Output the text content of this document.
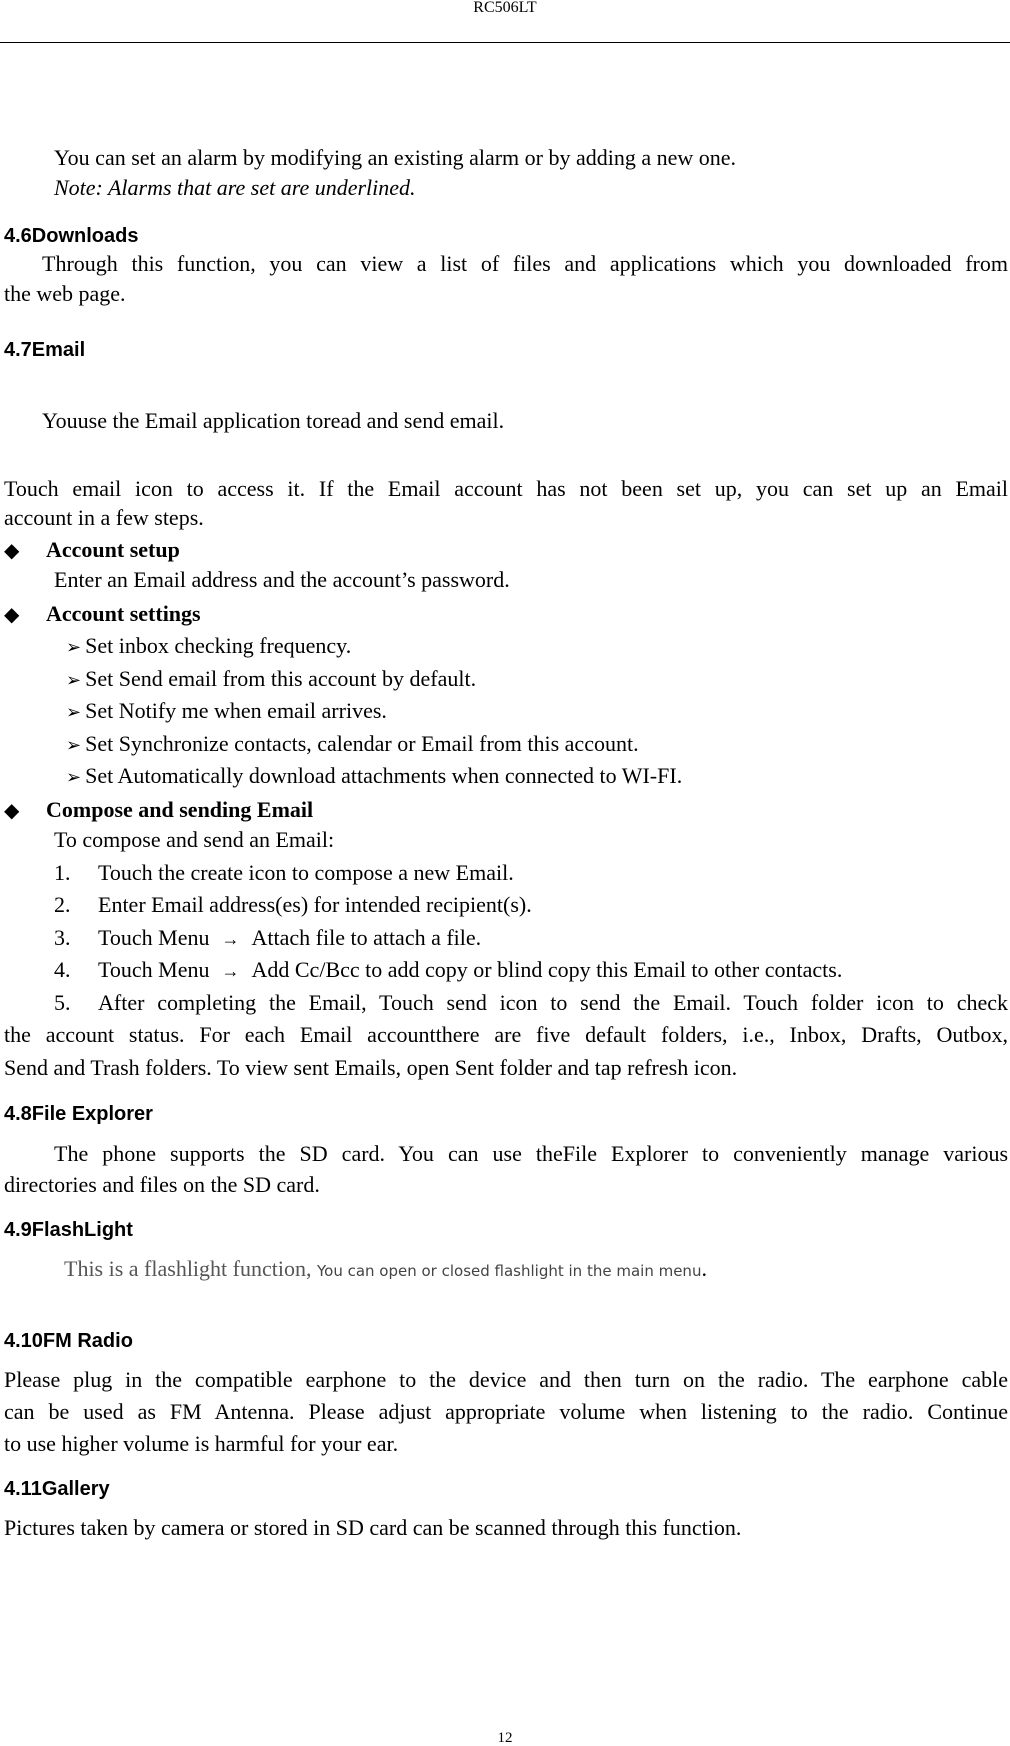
RC506LT
You can set an alarm by modifying an existing alarm or by adding a new one.
Note: Alarms that are set are underlined.
4.6Downloads
Through this function, you can view a list of files and applications which you downloaded from
the web page.
4.7Email
Youuse the Email application toread and send email.
Touch email icon to access it. If the Email account has not been set up, you can set up an Email
account in a few steps.
◆ Account setup
Enter an Email address and the account’s password.
◆ Account settings
➢ Set inbox checking frequency.
➢ Set Send email from this account by default.
➢ Set Notify me when email arrives.
➢ Set Synchronize contacts, calendar or Email from this account.
➢ Set Automatically download attachments when connected to WI-FI.
◆ Compose and sending Email
To compose and send an Email:
1. Touch the create icon to compose a new Email.
2. Enter Email address(es) for intended recipient(s).
3. Touch Menu → Attach file to attach a file.
4. Touch Menu → Add Cc/Bcc to add copy or blind copy this Email to other contacts.
5. After completing the Email, Touch send icon to send the Email. Touch folder icon to check
the account status. For each Email accountthere are five default folders, i.e., Inbox, Drafts, Outbox,
Send and Trash folders. To view sent Emails, open Sent folder and tap refresh icon.
4.8File Explorer
The phone supports the SD card. You can use theFile Explorer to conveniently manage various
directories and files on the SD card.
4.9FlashLight
This is a flashlight function, You can open or closed flashlight in the main menu.
4.10FM Radio
Please plug in the compatible earphone to the device and then turn on the radio. The earphone cable
can be used as FM Antenna. Please adjust appropriate volume when listening to the radio. Continue
to use higher volume is harmful for your ear.
4.11Gallery
Pictures taken by camera or stored in SD card can be scanned through this function.
12
